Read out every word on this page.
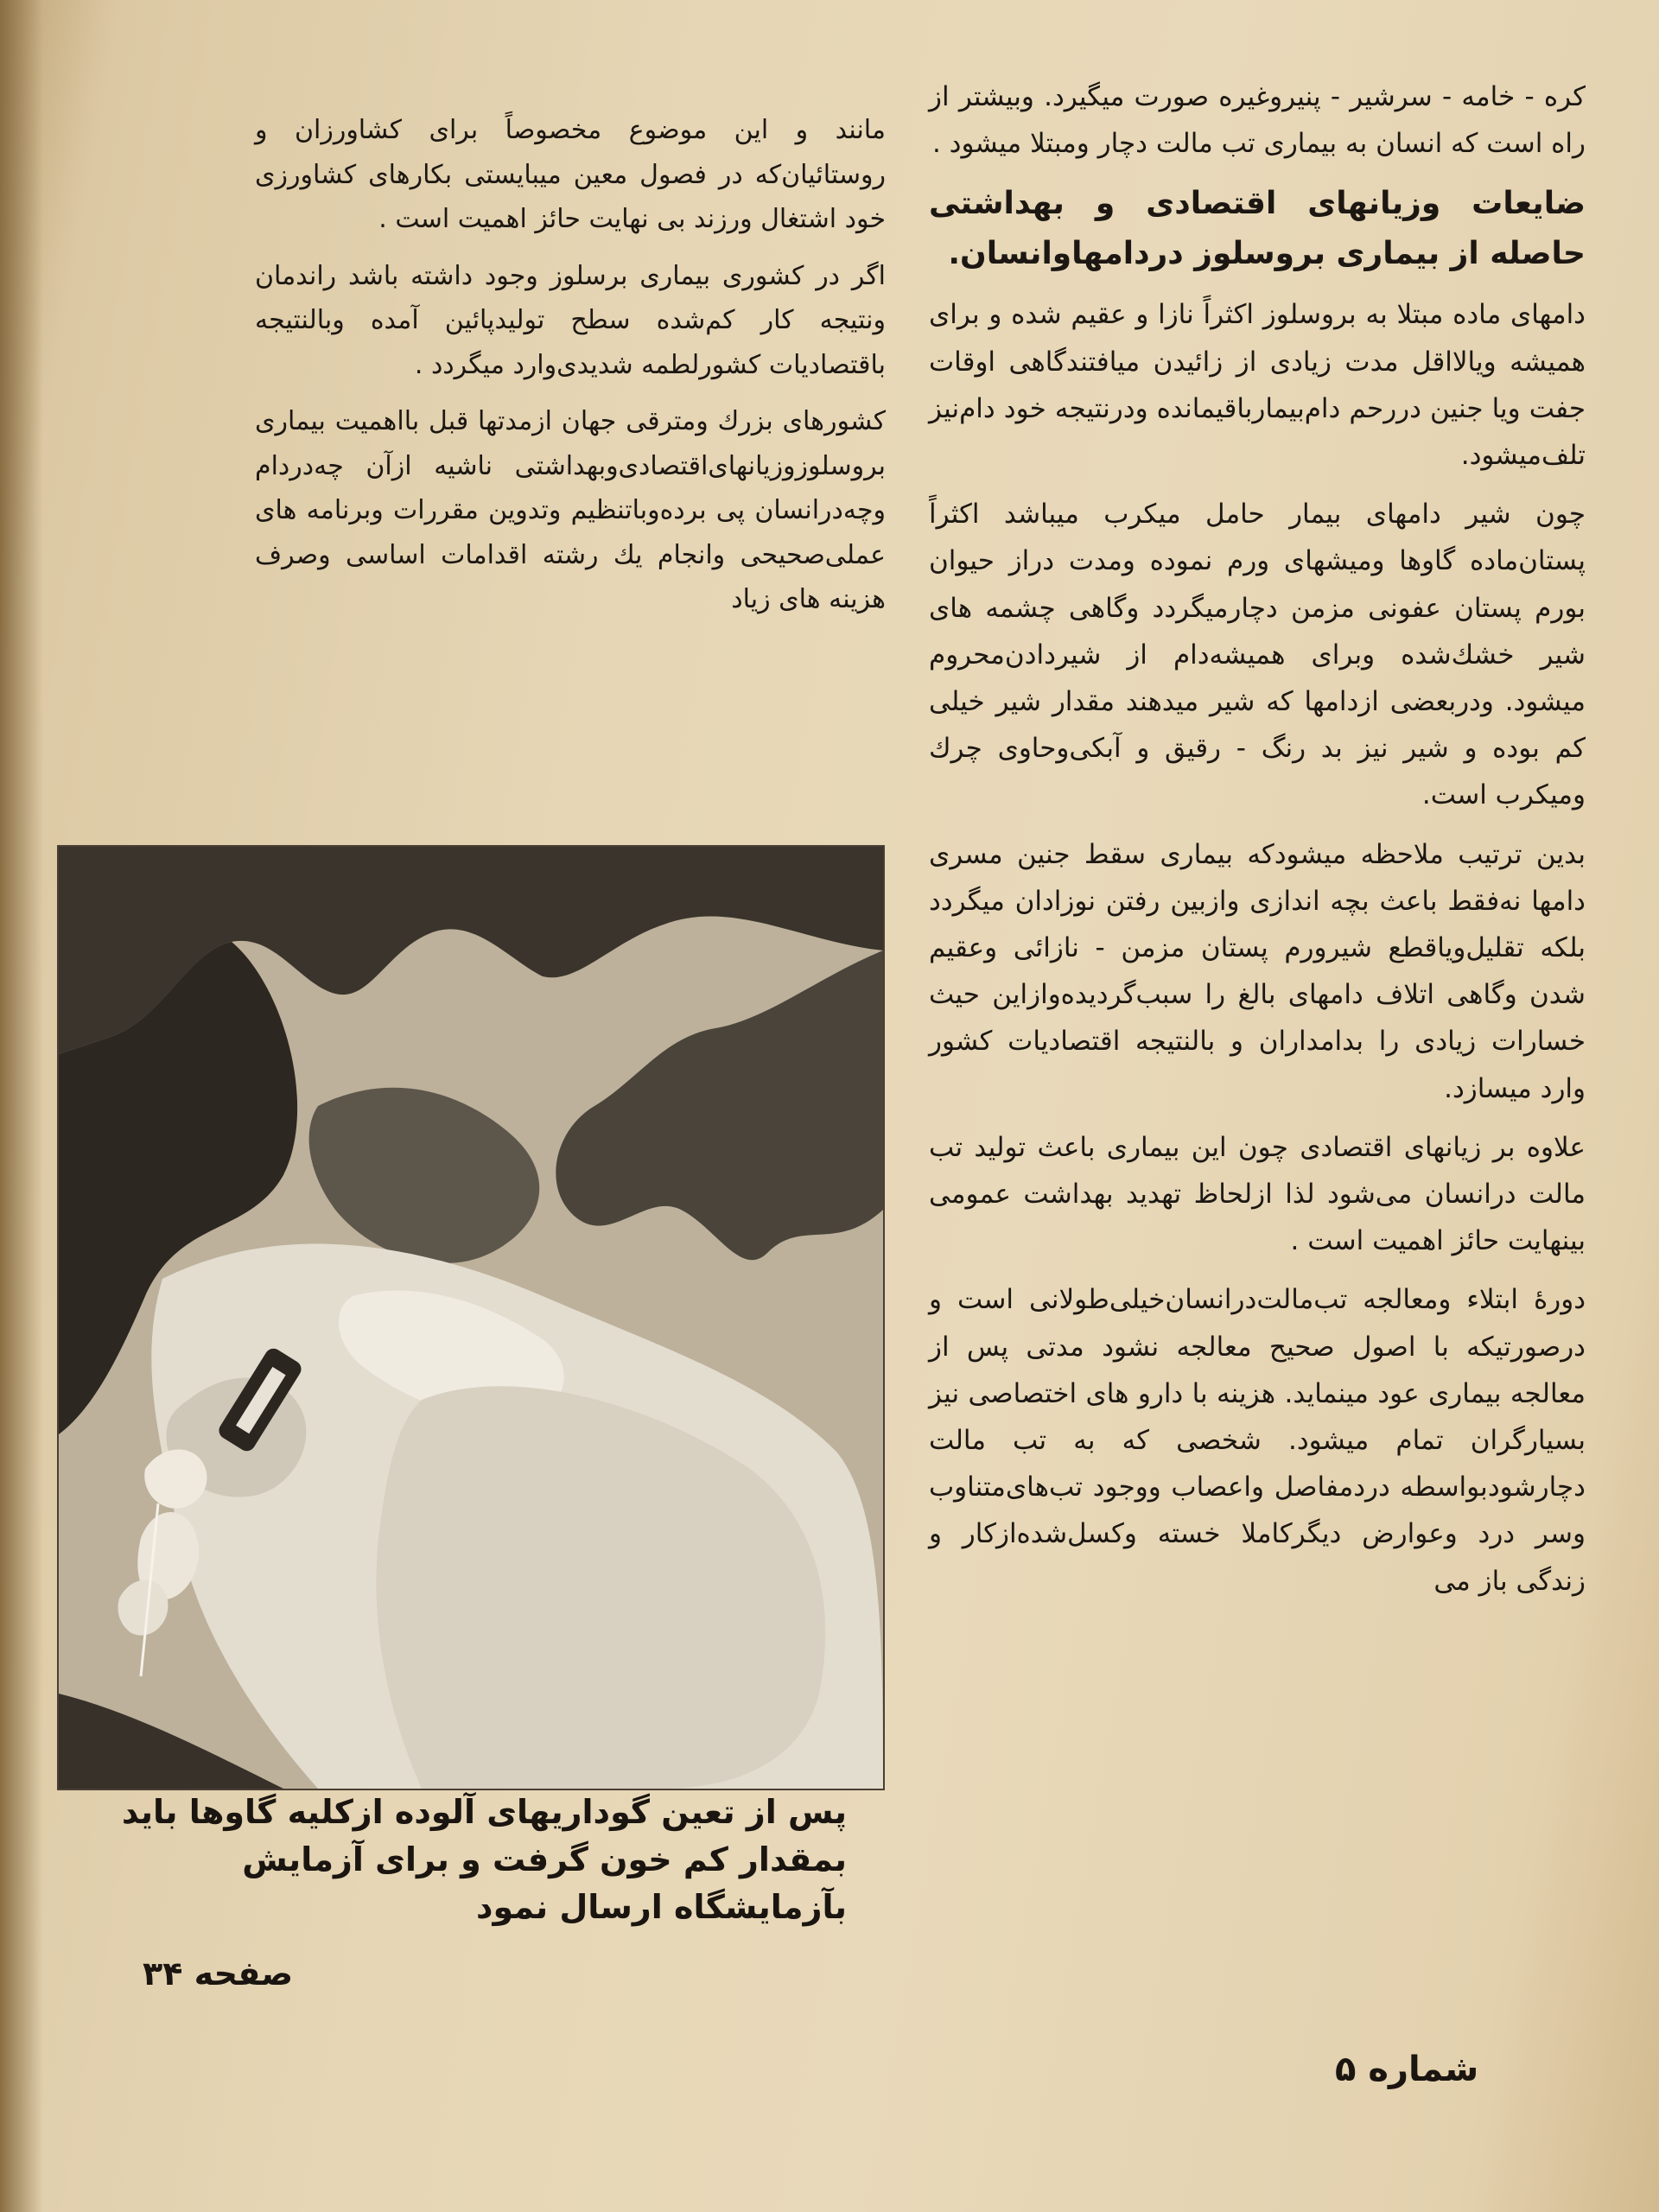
کره - خامه - سرشیر - پنیروغیره صورت میگیرد. وبیشتر از راه است که انسان به بیماری تب مالت دچار ومبتلا میشود .

ضایعات وزیانهای اقتصادی و بهداشتی حاصله از بیماری بروسلوز دردامهاوانسان.

دامهای ماده مبتلا به بروسلوز اکثراً نازا و عقیم شده و برای همیشه ویالااقل مدت زیادی از زائیدن میافتندگاهی اوقات جفت ویا جنین دررحم دام‌بیمارباقیمانده ودرنتیجه خود دام‌نیز تلف‌میشود.

چون شیر دامهای بیمار حامل میکرب میباشد اکثراً پستان‌ماده گاوها ومیشهای ورم نموده ومدت دراز حیوان بورم پستان عفونی مزمن دچارمیگردد وگاهی چشمه های شیر خشك‌شده وبرای همیشه‌دام از شیردادن‌محروم میشود. ودربعضی ازدامها که شیر میدهند مقدار شیر خیلی کم بوده و شیر نیز بد رنگ - رقیق و آبکی‌وحاوی چرك ومیکرب است.

بدین ترتیب ملاحظه میشودکه بیماری سقط جنین مسری دامها نه‌فقط باعث بچه اندازی وازبین رفتن نوزادان میگردد بلکه تقلیل‌ویاقطع شیرورم پستان مزمن - نازائی وعقیم شدن وگاهی اتلاف دامهای بالغ را سبب‌گردیده‌وازاین حیث خسارات زیادی را بدامداران و بالنتیجه اقتصادیات کشور وارد میسازد.

علاوه بر زیانهای اقتصادی چون این بیماری باعث تولید تب مالت درانسان می‌شود لذا ازلحاظ تهدید بهداشت عمومی بینهایت حائز اهمیت است .

دورهٔ ابتلاء ومعالجه تب‌مالت‌درانسان‌خیلی‌طولانی است و درصورتیکه با اصول صحیح معالجه نشود مدتی پس از معالجه بیماری عود مینماید. هزینه با دارو های اختصاصی نیز بسیارگران تمام میشود. شخصی که به تب مالت دچارشودبواسطه دردمفاصل واعصاب ووجود تب‌های‌متناوب وسر درد وعوارض دیگرکاملا خسته وکسل‌شده‌ازکار و زندگی باز می

مانند و این موضوع مخصوصاً برای کشاورزان و روستائیان‌که در فصول معین میبایستی بکارهای کشاورزی خود اشتغال ورزند بی نهایت حائز اهمیت است .

اگر در کشوری بیماری برسلوز وجود داشته باشد راندمان ونتیجه کار کم‌شده سطح تولیدپائین آمده وبالنتیجه باقتصادیات کشورلطمه شدیدی‌وارد میگردد .

کشورهای بزرك ومترقی جهان ازمدتها قبل بااهمیت بیماری بروسلوزوزیانهای‌اقتصادی‌وبهداشتی ناشیه ازآن چه‌دردام وچه‌درانسان پی برده‌وباتنظیم وتدوین مقررات وبرنامه های عملی‌صحیحی وانجام یك رشته اقدامات اساسی وصرف هزینه های زیاد

پس از تعین گوداریهای آلوده ازکلیه گاوها باید بمقدار کم خون گرفت و برای آزمایش بآزمایشگاه ارسال نمود
صفحه ۳۴
شماره ۵
